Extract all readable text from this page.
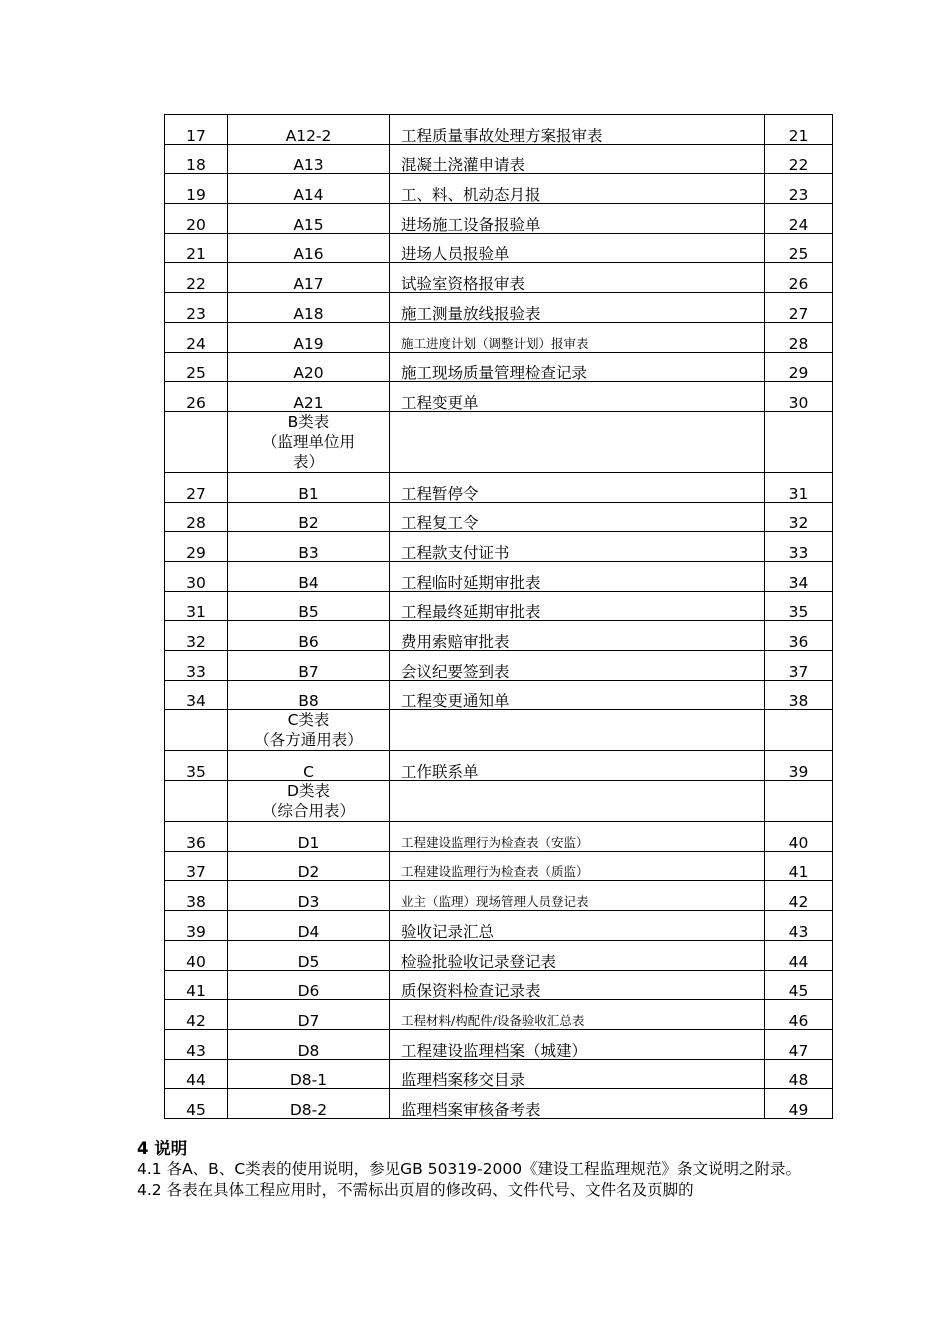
17	A12-2	工程质量事故处理方案报审表	21
18	A13	混凝土浇灌申请表	22
19	A14	工、料、机动态月报	23
20	A15	进场施工设备报验单	24
21	A16	进场人员报验单	25
22	A17	试验室资格报审表	26
23	A18	施工测量放线报验表	27
24	A19	施工进度计划（调整计划）报审表	28
25	A20	施工现场质量管理检查记录	29
26	A21	工程变更单	30

	B类表
（监理单位用
表）		

27	B1	工程暂停令	31
28	B2	工程复工令	32
29	B3	工程款支付证书	33
30	B4	工程临时延期审批表	34
31	B5	工程最终延期审批表	35
32	B6	费用索赔审批表	36
33	B7	会议纪要签到表	37
34	B8	工程变更通知单	38

	C类表
（各方通用表）		

35	C	工作联系单	39

	D类表
（综合用表）		

36	D1	工程建设监理行为检查表（安监）	40
37	D2	工程建设监理行为检查表（质监）	41
38	D3	业主（监理）现场管理人员登记表	42
39	D4	验收记录汇总	43
40	D5	检验批验收记录登记表	44
41	D6	质保资料检查记录表	45
42	D7	工程材料/构配件/设备验收汇总表	46
43	D8	工程建设监理档案（城建）	47
44	D8-1	监理档案移交目录	48
45	D8-2	监理档案审核备考表	49

4 说明

4.1 各A、B、C类表的使用说明，参见GB 50319-2000《建设工程监理规范》条文说明之附录。

4.2 各表在具体工程应用时，不需标出页眉的修改码、文件代号、文件名及页脚的
